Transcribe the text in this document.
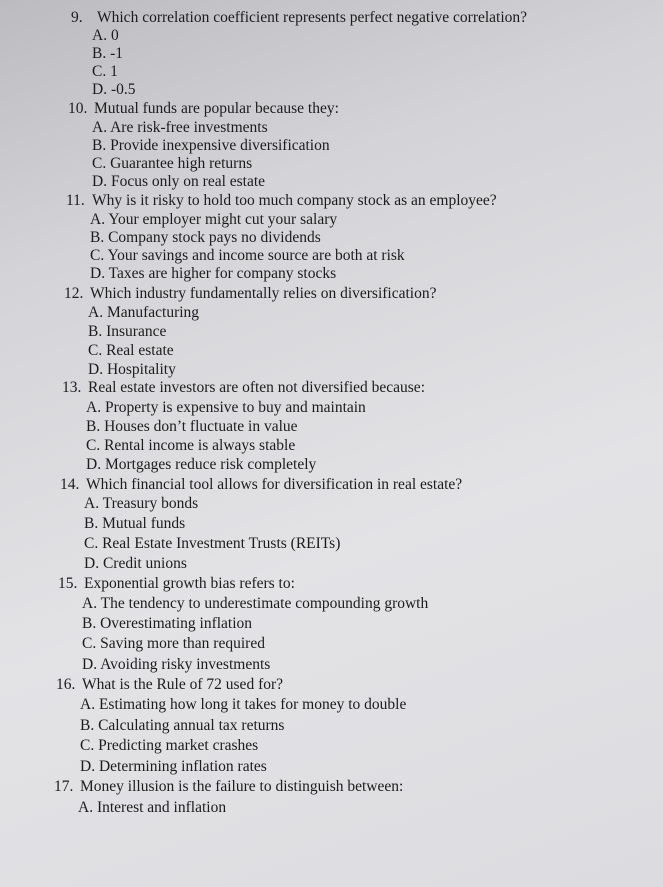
9. Which correlation coefficient represents perfect negative correlation?
A. 0
B. -1
C. 1
D. -0.5
10. Mutual funds are popular because they:
A. Are risk-free investments
B. Provide inexpensive diversification
C. Guarantee high returns
D. Focus only on real estate
11. Why is it risky to hold too much company stock as an employee?
A. Your employer might cut your salary
B. Company stock pays no dividends
C. Your savings and income source are both at risk
D. Taxes are higher for company stocks
12. Which industry fundamentally relies on diversification?
A. Manufacturing
B. Insurance
C. Real estate
D. Hospitality
13. Real estate investors are often not diversified because:
A. Property is expensive to buy and maintain
B. Houses don’t fluctuate in value
C. Rental income is always stable
D. Mortgages reduce risk completely
14. Which financial tool allows for diversification in real estate?
A. Treasury bonds
B. Mutual funds
C. Real Estate Investment Trusts (REITs)
D. Credit unions
15. Exponential growth bias refers to:
A. The tendency to underestimate compounding growth
B. Overestimating inflation
C. Saving more than required
D. Avoiding risky investments
16. What is the Rule of 72 used for?
A. Estimating how long it takes for money to double
B. Calculating annual tax returns
C. Predicting market crashes
D. Determining inflation rates
17. Money illusion is the failure to distinguish between:
A. Interest and inflation
